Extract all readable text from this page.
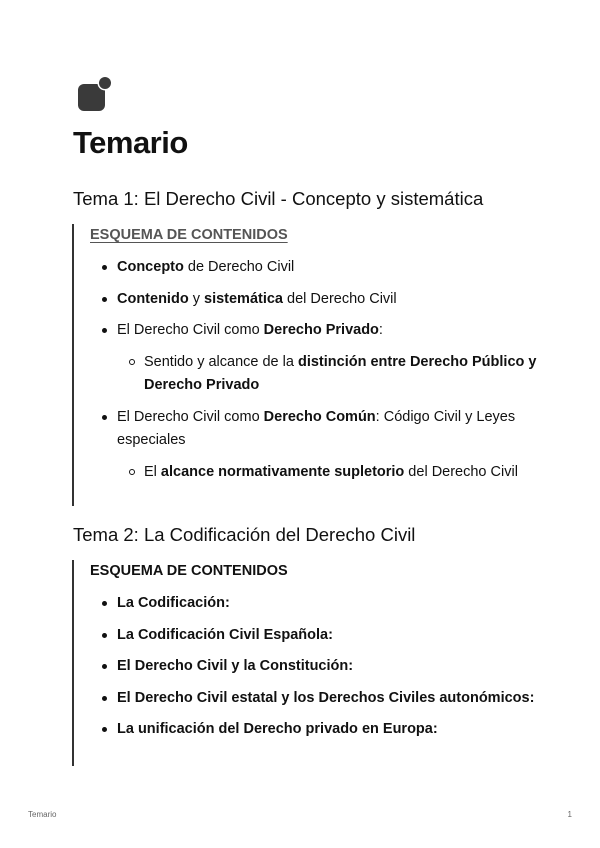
Temario
Tema 1: El Derecho Civil - Concepto y sistemática
ESQUEMA DE CONTENIDOS
Concepto de Derecho Civil
Contenido y sistemática del Derecho Civil
El Derecho Civil como Derecho Privado:
Sentido y alcance de la distinción entre Derecho Público y Derecho Privado
El Derecho Civil como Derecho Común: Código Civil y Leyes especiales
El alcance normativamente supletorio del Derecho Civil
Tema 2: La Codificación del Derecho Civil
ESQUEMA DE CONTENIDOS
La Codificación:
La Codificación Civil Española:
El Derecho Civil y la Constitución:
El Derecho Civil estatal y los Derechos Civiles autonómicos:
La unificación del Derecho privado en Europa:
Temario	1
